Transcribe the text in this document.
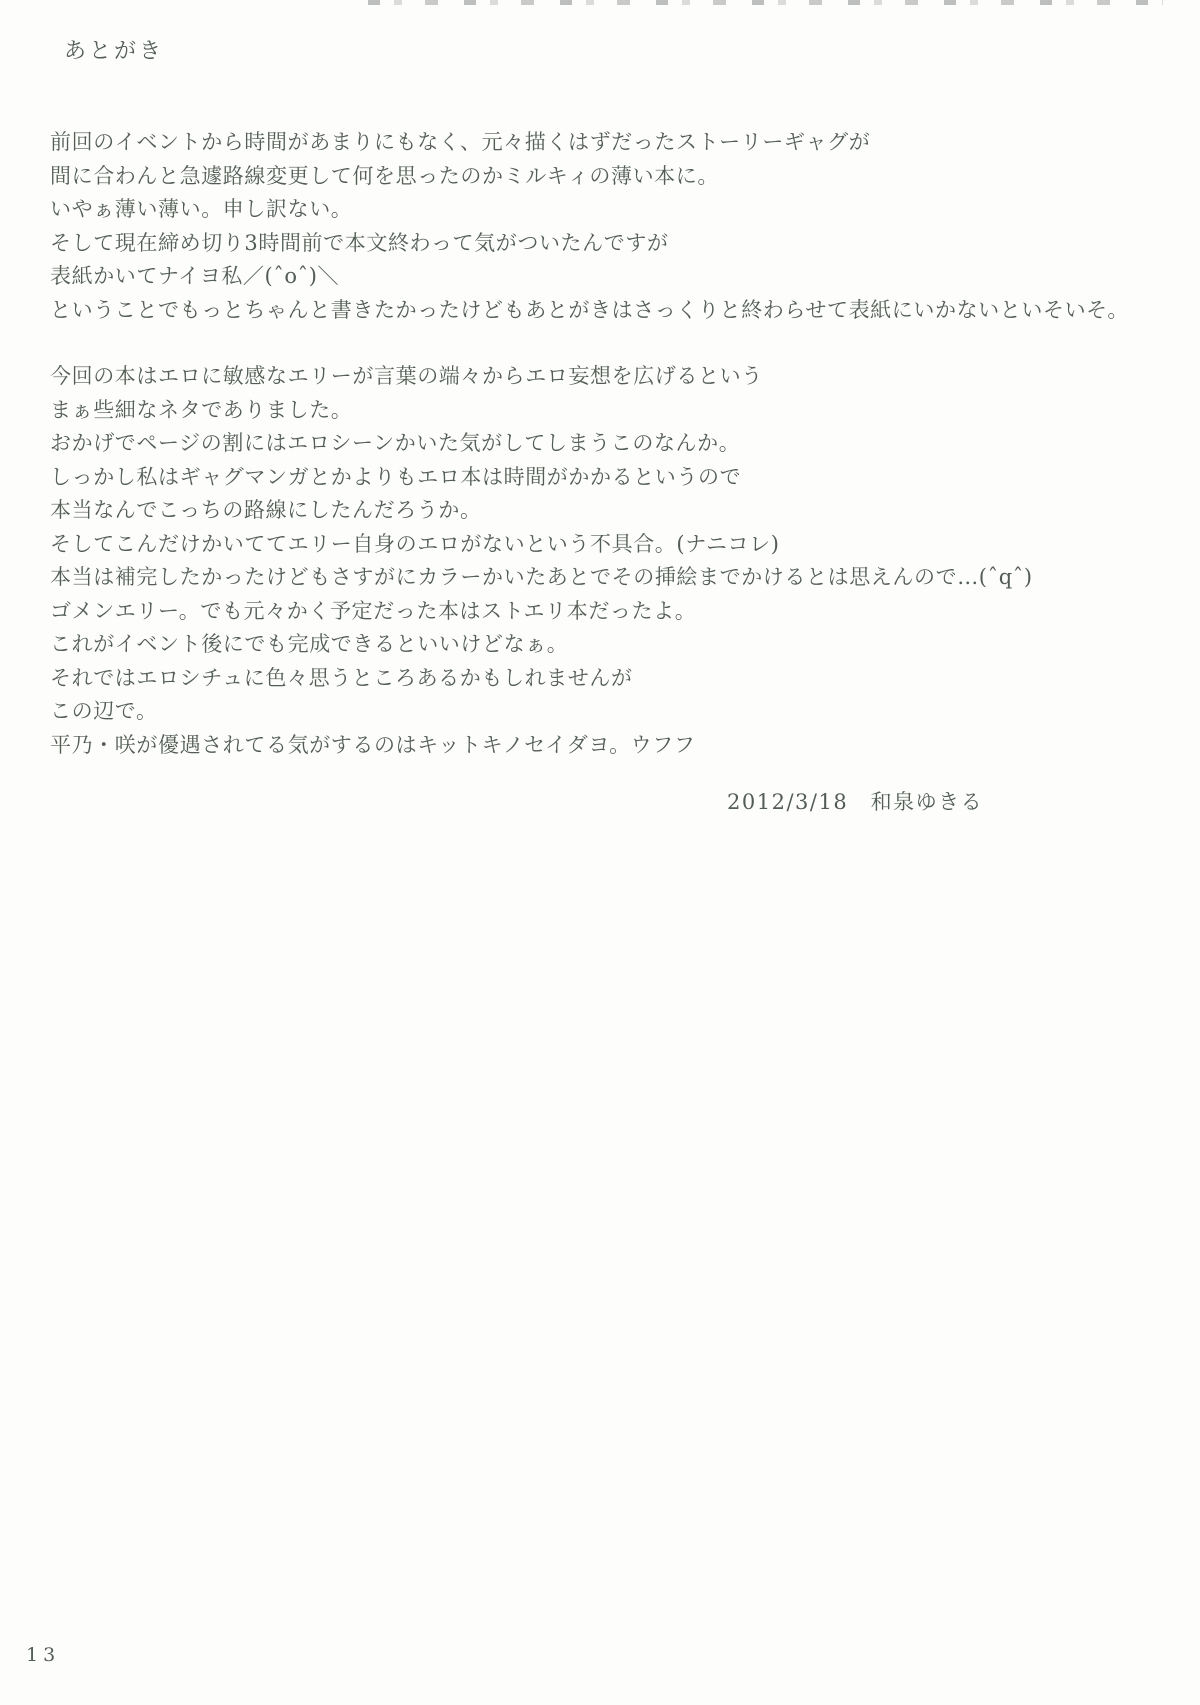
あとがき
前回のイベントから時間があまりにもなく、元々描くはずだったストーリーギャグが
間に合わんと急遽路線変更して何を思ったのかミルキィの薄い本に。
いやぁ薄い薄い。申し訳ない。
そして現在締め切り3時間前で本文終わって気がついたんですが
表紙かいてナイヨ私／(ˆoˆ)＼
ということでもっとちゃんと書きたかったけどもあとがきはさっくりと終わらせて表紙にいかないといそいそ。
今回の本はエロに敏感なエリーが言葉の端々からエロ妄想を広げるという
まぁ些細なネタでありました。
おかげでページの割にはエロシーンかいた気がしてしまうこのなんか。
しっかし私はギャグマンガとかよりもエロ本は時間がかかるというので
本当なんでこっちの路線にしたんだろうか。
そしてこんだけかいててエリー自身のエロがないという不具合。(ナニコレ)
本当は補完したかったけどもさすがにカラーかいたあとでその挿絵までかけるとは思えんので…(ˆqˆ)
ゴメンエリー。でも元々かく予定だった本はストエリ本だったよ。
これがイベント後にでも完成できるといいけどなぁ。
それではエロシチュに色々思うところあるかもしれませんが
この辺で。
平乃・咲が優遇されてる気がするのはキットキノセイダヨ。ウフフ
2012/3/18　和泉ゆきる
13
